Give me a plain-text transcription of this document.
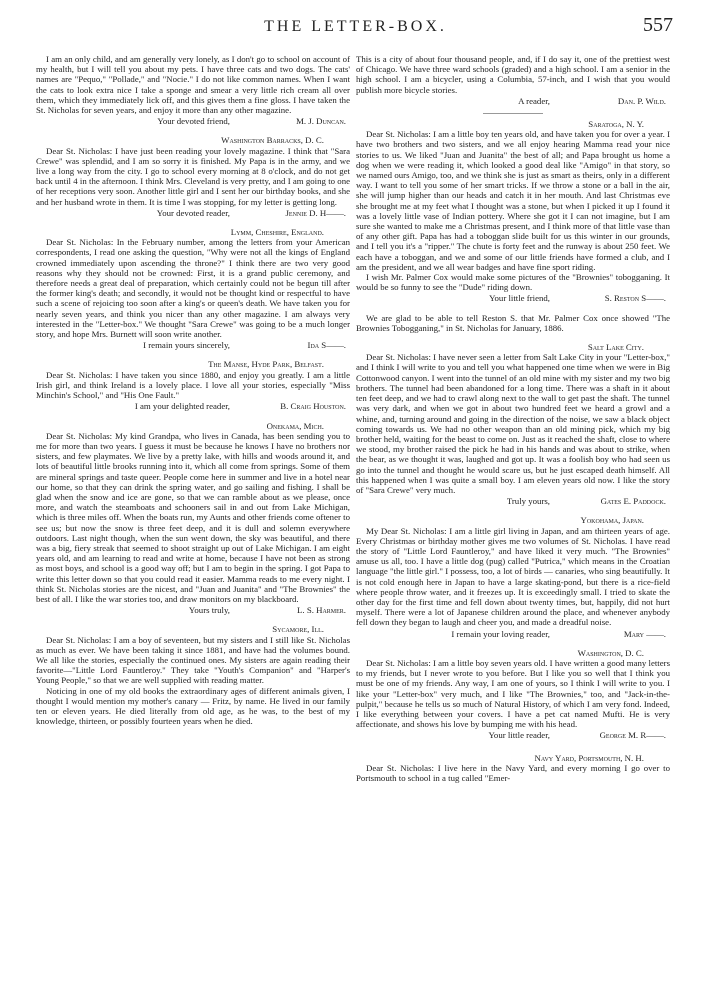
THE LETTER-BOX.	557

I am an only child, and am generally very lonely, as I don't go to school on account of my health, but I will tell you about my pets. I have three cats and two dogs. The cats' names are "Pequo," "Pollade," and "Nocie." I do not like common names. When I want the cats to look extra nice I take a sponge and smear a very little rich cream all over them, which they immediately lick off, and this gives them a fine gloss. I have taken the St. Nicholas for seven years, and enjoy it more than any other magazine.

Your devoted friend,	M. J. Duncan.
Washington Barracks, D. C.

Dear St. Nicholas: I have just been reading your lovely magazine. I think that "Sara Crewe" was splendid, and I am so sorry it is finished. My Papa is in the army, and we live a long way from the city. I go to school every morning at 8 o'clock, and do not get back until 4 in the afternoon. I think Mrs. Cleveland is very pretty, and I am going to one of her receptions very soon. Another little girl and I sent her our birthday books, and she and her husband wrote in them. It is time I was stopping, for my letter is getting long.

Your devoted reader,	Jennie D. H——.
Lymm, Cheshire, England.

Dear St. Nicholas: In the February number, among the letters from your American correspondents, I read one asking the question, "Why were not all the kings of England crowned immediately upon ascending the throne?" I think there are two very good reasons why they should not be crowned: First, it is a grand public ceremony, and therefore needs a great deal of preparation, which certainly could not be begun till after the former king's death; and secondly, it would not be thought kind or respectful to have such a scene of rejoicing too soon after a king's or queen's death. We have taken you for nearly seven years, and think you nicer than any other magazine. I am always very interested in the "Letter-box." We thought "Sara Crewe" was going to be a much longer story, and hope Mrs. Burnett will soon write another.

I remain yours sincerely,	Ida S——.
The Manse, Hyde Park, Belfast.

Dear St. Nicholas: I have taken you since 1880, and enjoy you greatly. I am a little Irish girl, and think Ireland is a lovely place. I love all your stories, especially "Miss Minchin's School," and "His One Fault."

I am your delighted reader,	B. Craig Houston.
Onekama, Mich.

Dear St. Nicholas: My kind Grandpa, who lives in Canada, has been sending you to me for more than two years. I guess it must be because he knows I have no brothers nor sisters, and few playmates. We live by a pretty lake, with hills and woods around it, and lots of beautiful little brooks running into it, which all come from springs. Some of them are mineral springs and taste queer. People come here in summer and live in a hotel near our home, so that they can drink the spring water, and go sailing and fishing. I shall be glad when the snow and ice are gone, so that we can ramble about as we please, once more, and watch the steamboats and schooners sail in and out from Lake Michigan, which is three miles off. When the boats run, my Aunts and other friends come oftener to see us; but now the snow is three feet deep, and it is dull and solemn everywhere outdoors. Last night though, when the sun went down, the sky was beautiful, and there was a big, fiery streak that seemed to shoot straight up out of Lake Michigan. I am eight years old, and am learning to read and write at home, because I have not been as strong as most boys, and school is a good way off; but I am to begin in the spring. I got Papa to write this letter down so that you could read it easier. Mamma reads to me every night. I think St. Nicholas stories are the nicest, and "Juan and Juanita" and "The Brownies" the best of all. I like the war stories too, and draw monitors on my blackboard.

Yours truly,	L. S. Harmer.
Sycamore, Ill.

Dear St. Nicholas: I am a boy of seventeen, but my sisters and I still like St. Nicholas as much as ever. We have been taking it since 1881, and have had the volumes bound. We all like the stories, especially the continued ones. My sisters are again reading their favorite—"Little Lord Fauntleroy." They take "Youth's Companion" and "Harper's Young People," so that we are well supplied with reading matter.

Noticing in one of my old books the extraordinary ages of different animals given, I thought I would mention my mother's canary — Fritz, by name. He lived in our family ten or eleven years. He died literally from old age, as he was, to the best of my knowledge, thirteen, or possibly fourteen years when he died.

This is a city of about four thousand people, and, if I do say it, one of the prettiest west of Chicago. We have three ward schools (graded) and a high school. I am a senior in the high school. I am a bicycler, using a Columbia, 57-inch, and I wish that you would publish more bicycle stories.

A reader,	Dan. P. Wild.
Saratoga, N. Y.

Dear St. Nicholas: I am a little boy ten years old, and have taken you for over a year. I have two brothers and two sisters, and we all enjoy hearing Mamma read your nice stories to us. We liked "Juan and Juanita" the best of all; and Papa brought us home a dog when we were reading it, which looked a good deal like "Amigo" in that story, so we named ours Amigo, too, and we think she is just as smart as theirs, only in a different way. I want to tell you some of her smart tricks. If we throw a stone or a ball in the air, she will jump higher than our heads and catch it in her mouth. And last Christmas eve she brought me at my feet what I thought was a stone, but when I picked it up I found it was a lovely little vase of Indian pottery. Where she got it I can not imagine, but I am sure she wanted to make me a Christmas present, and I think more of that little vase than of any other gift. Papa has had a toboggan slide built for us this winter in our grounds, and I tell you it's a "ripper." The chute is forty feet and the runway is about 250 feet. We each have a toboggan, and we and some of our little friends have formed a club, and I am the president, and we all wear badges and have fine sport riding.

I wish Mr. Palmer Cox would make some pictures of the "Brownies" tobogganing. It would be so funny to see the "Dude" riding down.

Your little friend,	S. Reston S——.

We are glad to be able to tell Reston S. that Mr. Palmer Cox once showed "The Brownies Tobogganing," in St. Nicholas for January, 1886.

Salt Lake City.

Dear St. Nicholas: I have never seen a letter from Salt Lake City in your "Letter-box," and I think I will write to you and tell you what happened one time when we were in Big Cottonwood canyon. I went into the tunnel of an old mine with my sister and my two big brothers. The tunnel had been abandoned for a long time. There was a shaft in it about ten feet deep, and we had to crawl along next to the wall to get past the shaft. The tunnel was very dark, and when we got in about two hundred feet we heard a growl and a whine, and, turning around and going in the direction of the noise, we saw a black object coming towards us. We had no other weapon than an old mining pick, which my big brother held, waiting for the beast to come on. Just as it reached the shaft, close to where we stood, my brother raised the pick he had in his hands and was about to strike, when the bear, as we thought it was, laughed and got up. It was a foolish boy who had seen us go into the tunnel and thought he would scare us, but he just escaped death himself. All this happened when I was quite a small boy. I am eleven years old now. I like the story of "Sara Crewe" very much.

Truly yours,	Gates E. Paddock.
Yokohama, Japan.

My Dear St. Nicholas: I am a little girl living in Japan, and am thirteen years of age. Every Christmas or birthday mother gives me two volumes of St. Nicholas. I have read the story of "Little Lord Fauntleroy," and have liked it very much. "The Brownies" amuse us all, too. I have a little dog (pug) called "Putrica," which means in the Croatian language "the little girl." I possess, too, a lot of birds — canaries, who sing beautifully. It is not cold enough here in Japan to have a large skating-pond, but there is a rice-field where people throw water, and it freezes up. It is exceedingly small. I tried to skate the other day for the first time and fell down about twenty times, but, happily, did not hurt myself. There were a lot of Japanese children around the place, and whenever anybody fell down they began to laugh and cheer you, and made a dreadful noise.

I remain your loving reader,	Mary ——.
Washington, D. C.

Dear St. Nicholas: I am a little boy seven years old. I have written a good many letters to my friends, but I never wrote to you before. But I like you so well that I think you must be one of my friends. Any way, I am one of yours, so I think I will write to you. I like your "Letter-box" very much, and I like "The Brownies," too, and "Jack-in-the-pulpit," because he tells us so much of Natural History, of which I am very fond. Indeed, I like everything between your covers. I have a pet cat named Mufti. He is very affectionate, and shows his love by bumping me with his head.

Your little reader,	George M. R——.
Navy Yard, Portsmouth, N. H.

Dear St. Nicholas: I live here in the Navy Yard, and every morning I go over to Portsmouth to school in a tug called "Emer-
